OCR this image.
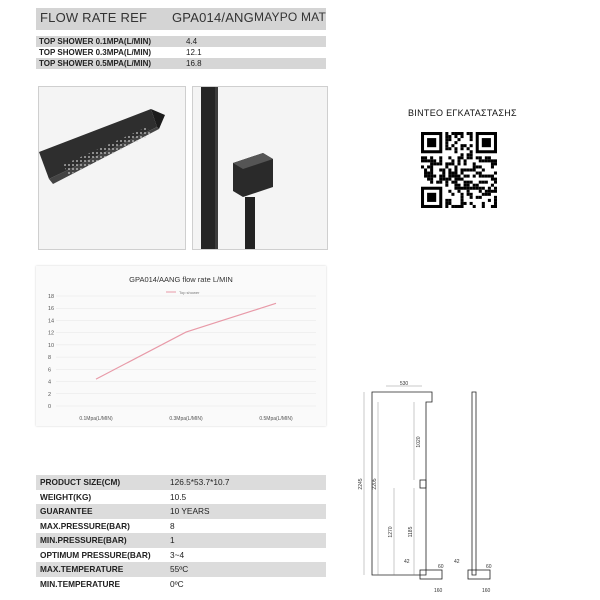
FLOW RATE REF GPA014/ANG ΜΑΥΡΟ ΜΑΤ
TOP SHOWER 0.1MPA(L/MIN)	4.4
TOP SHOWER 0.3MPA(L/MIN)	12.1
TOP SHOWER 0.5MPA(L/MIN)	16.8
ΒΙΝΤΕΟ ΕΓΚΑΤΑΣΤΑΣΗΣ
GPA014/AANG flow rate L/MIN
Top shower
0
2
4
6
8
10
12
14
16
18
0.1Mpa(L/MIN)	0.3Mpa(L/MIN)	0.5Mpa(L/MIN)
PRODUCT SIZE(CM)	126.5*53.7*10.7
WEIGHT(KG)	10.5
GUARANTEE	10 YEARS
MAX.PRESSURE(BAR)	8
MIN.PRESSURE(BAR)	1
OPTIMUM PRESSURE(BAR) 3~4
MAX.TEMPERATURE	55ºC
MIN.TEMPERATURE	0ºC
530
1020
2245 2205
1270	1185
42	42
60	60
160	160
